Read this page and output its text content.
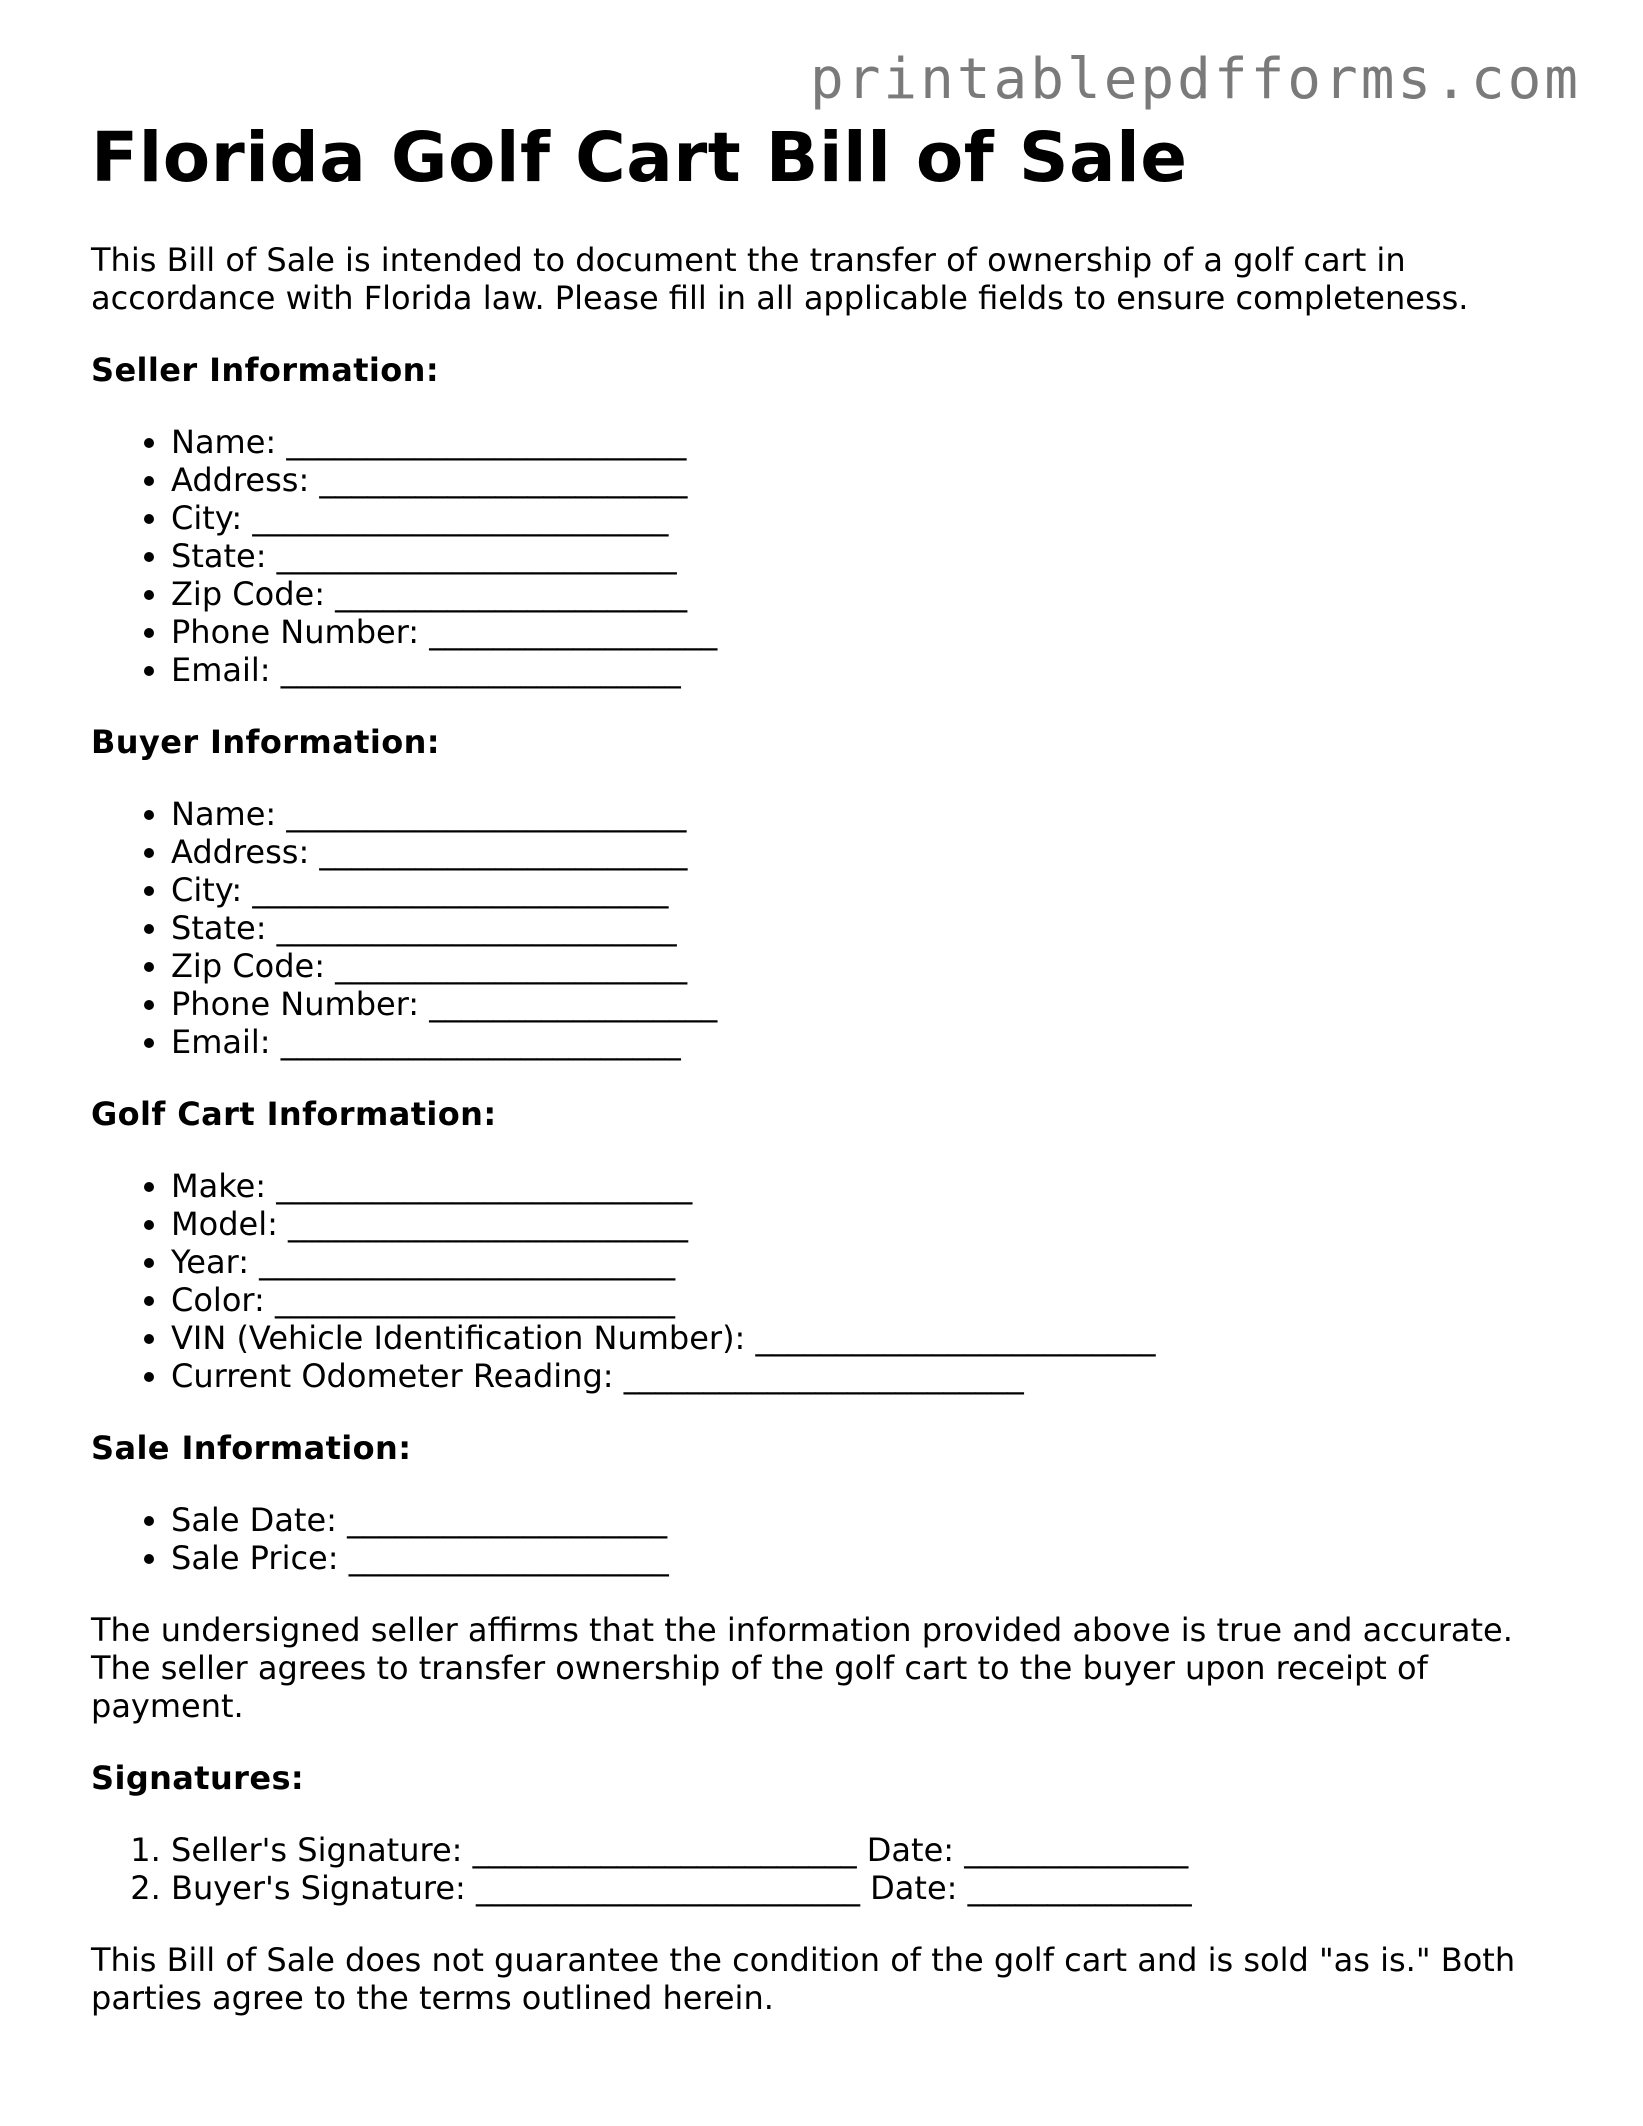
printablepdfforms.com
Florida Golf Cart Bill of Sale

This Bill of Sale is intended to document the transfer of ownership of a golf cart in accordance with Florida law. Please fill in all applicable fields to ensure completeness.

Seller Information:
• Name: _________________________
• Address: _______________________
• City: __________________________
• State: _________________________
• Zip Code: ______________________
• Phone Number: __________________
• Email: _________________________
Buyer Information:
• Name: _________________________
• Address: _______________________
• City: __________________________
• State: _________________________
• Zip Code: ______________________
• Phone Number: __________________
• Email: _________________________
Golf Cart Information:
• Make: __________________________
• Model: _________________________
• Year: __________________________
• Color: _________________________
• VIN (Vehicle Identification Number): _________________________
• Current Odometer Reading: _________________________
Sale Information:
• Sale Date: ____________________
• Sale Price: ____________________

The undersigned seller affirms that the information provided above is true and accurate. The seller agrees to transfer ownership of the golf cart to the buyer upon receipt of payment.

Signatures:
1. Seller's Signature: ________________________ Date: ______________
2. Buyer's Signature: ________________________ Date: ______________

This Bill of Sale does not guarantee the condition of the golf cart and is sold "as is." Both parties agree to the terms outlined herein.
